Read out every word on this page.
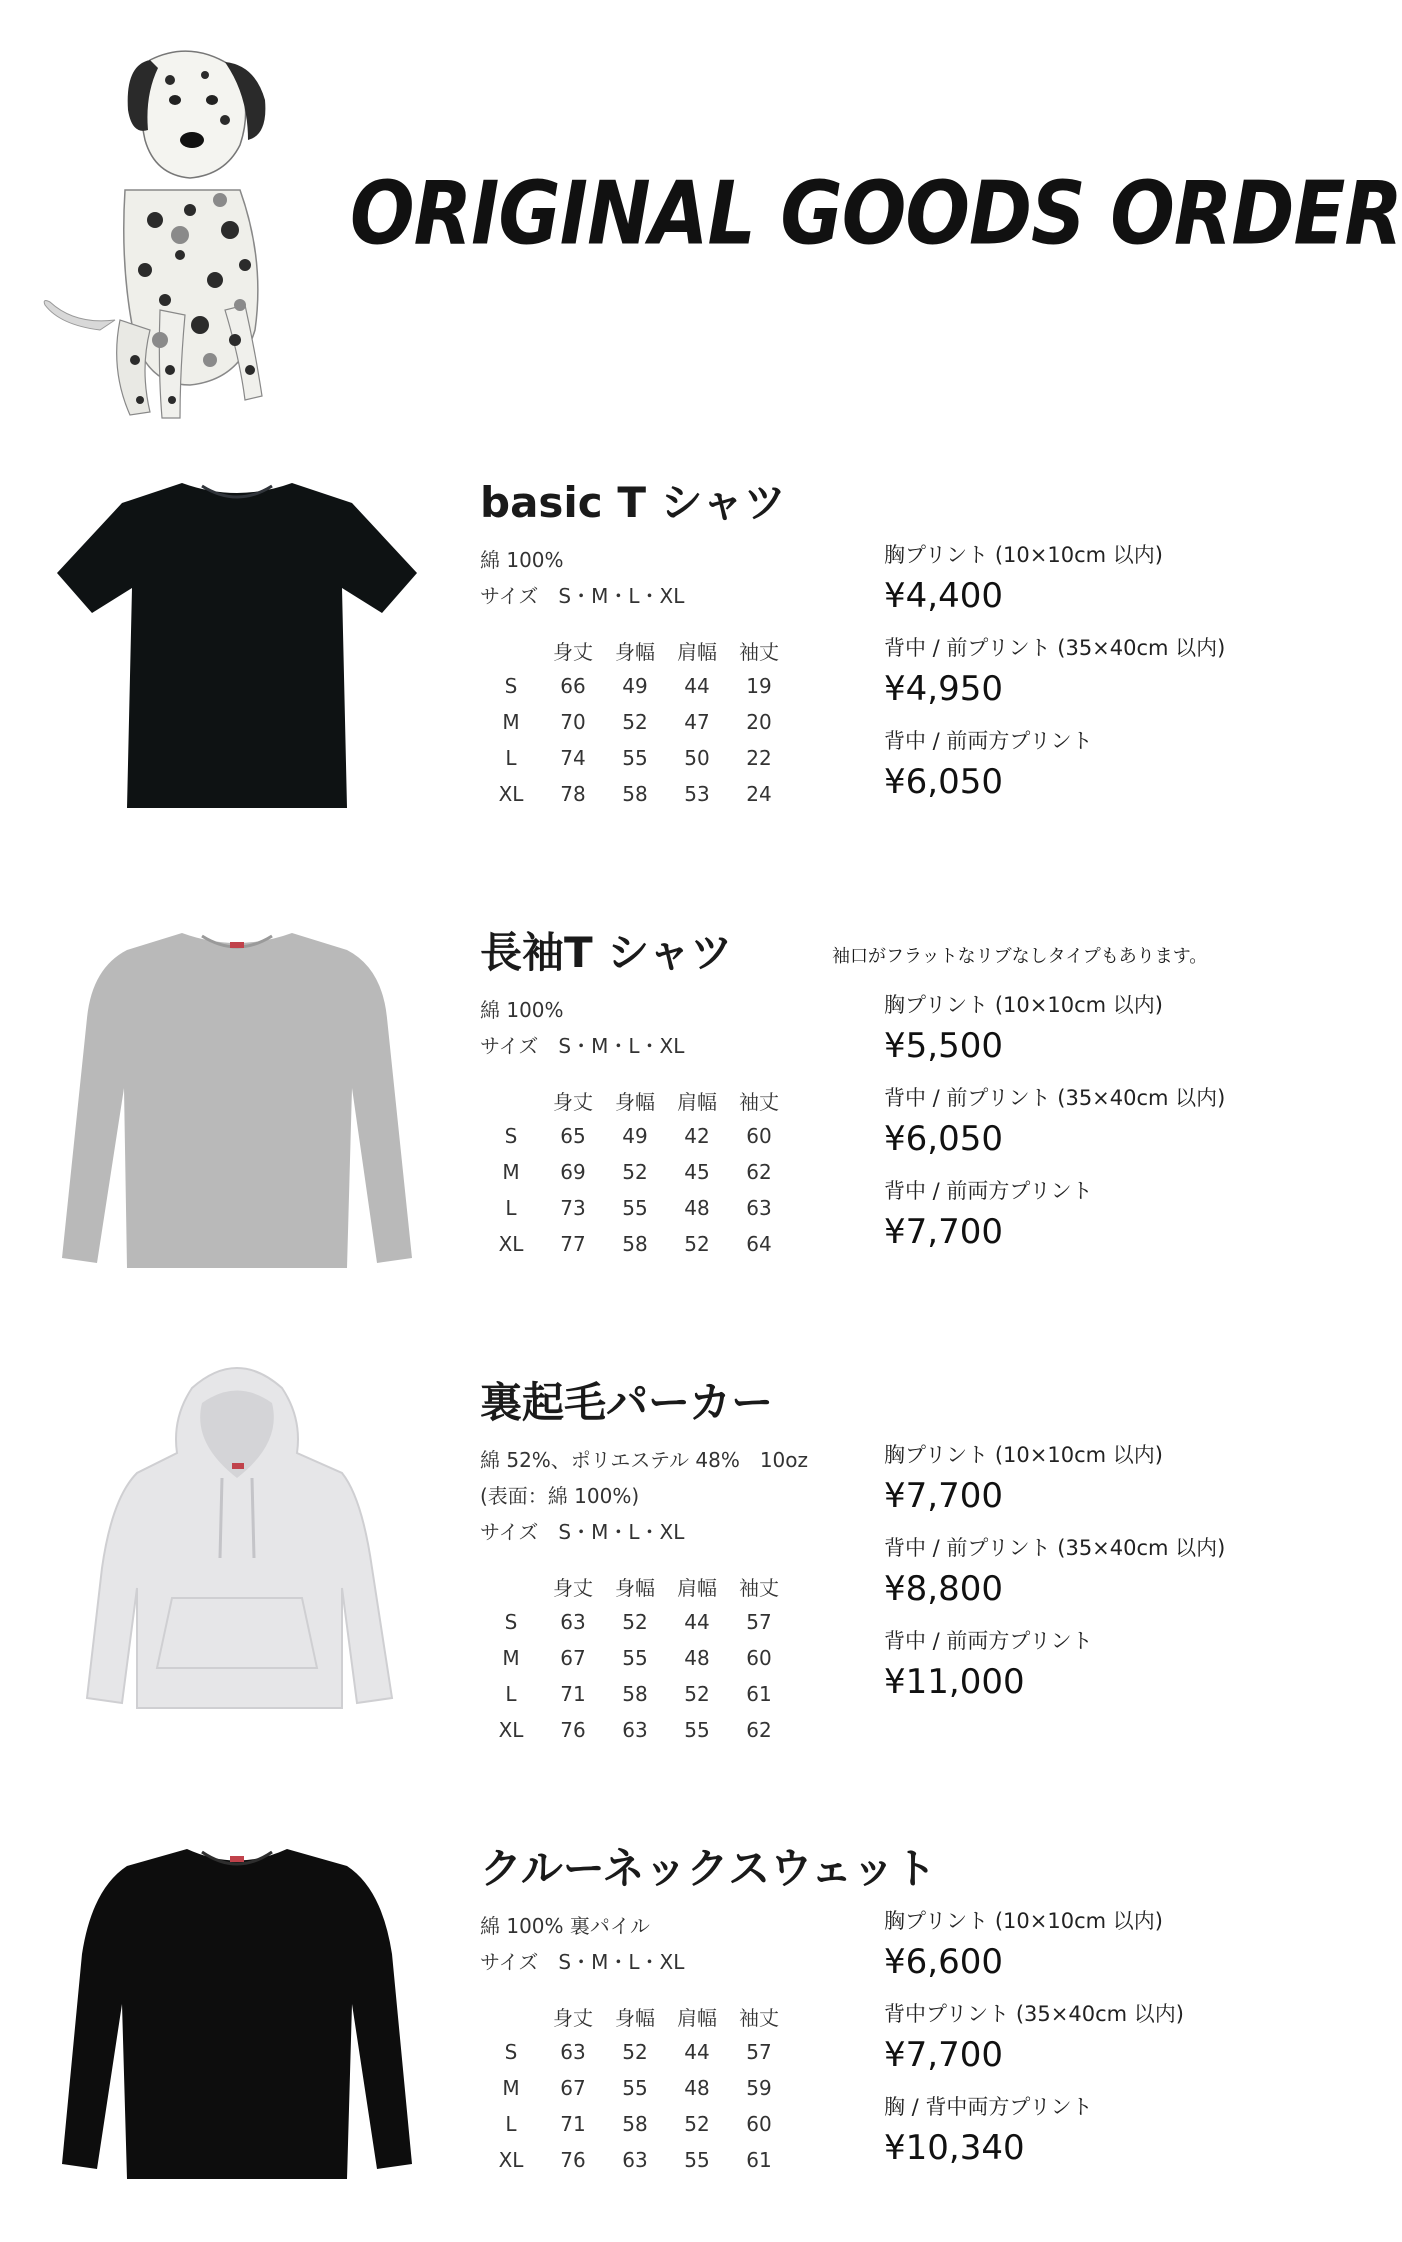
ORIGINAL GOODS ORDER
basic T シャツ
綿 100%
サイズ　S・M・L・XL
	身丈	身幅	肩幅	袖丈
S	66	49	44	19
M	70	52	47	20
L	74	55	50	22
XL	78	58	53	24
胸プリント (10×10cm 以内)
¥4,400
背中 / 前プリント (35×40cm 以内)
¥4,950
背中 / 前両方プリント
¥6,050
長袖T シャツ	袖口がフラットなリブなしタイプもあります。
綿 100%
サイズ　S・M・L・XL
	身丈	身幅	肩幅	袖丈
S	65	49	42	60
M	69	52	45	62
L	73	55	48	63
XL	77	58	52	64
胸プリント (10×10cm 以内)
¥5,500
背中 / 前プリント (35×40cm 以内)
¥6,050
背中 / 前両方プリント
¥7,700
裏起毛パーカー
綿 52%、ポリエステル 48%　10oz
(表面：綿 100%)
サイズ　S・M・L・XL
	身丈	身幅	肩幅	袖丈
S	63	52	44	57
M	67	55	48	60
L	71	58	52	61
XL	76	63	55	62
胸プリント (10×10cm 以内)
¥7,700
背中 / 前プリント (35×40cm 以内)
¥8,800
背中 / 前両方プリント
¥11,000
クルーネックスウェット
綿 100% 裏パイル
サイズ　S・M・L・XL
	身丈	身幅	肩幅	袖丈
S	63	52	44	57
M	67	55	48	59
L	71	58	52	60
XL	76	63	55	61
胸プリント (10×10cm 以内)
¥6,600
背中プリント (35×40cm 以内)
¥7,700
胸 / 背中両方プリント
¥10,340
